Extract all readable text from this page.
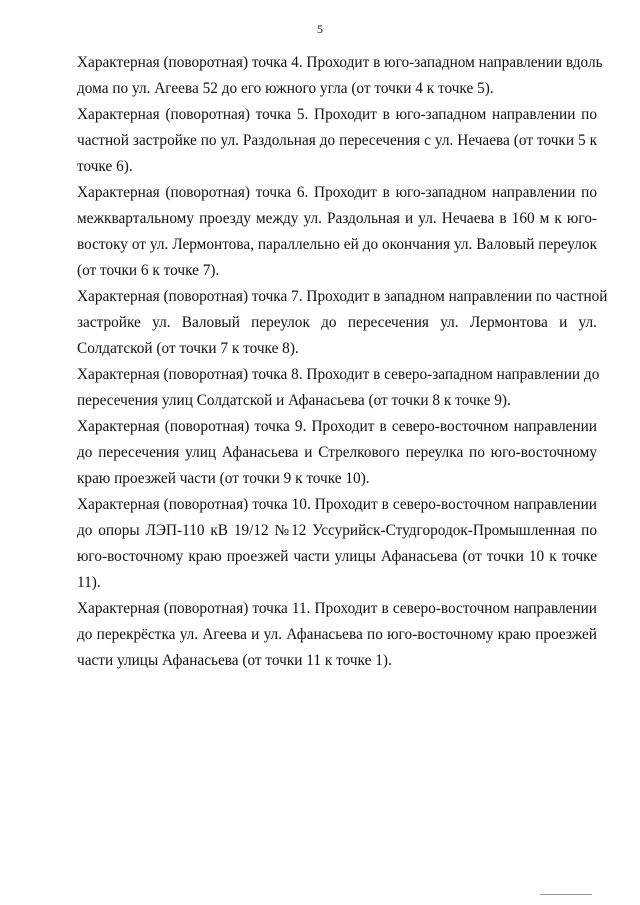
5

Характерная (поворотная) точка 4. Проходит в юго-западном направлении вдоль
дома по ул. Агеева 52 до его южного угла (от точки 4 к точке 5).

Характерная (поворотная) точка 5. Проходит в юго-западном направлении по
частной застройке по ул. Раздольная до пересечения с ул. Нечаева (от точки 5 к
точке 6).

Характерная (поворотная) точка 6. Проходит в юго-западном направлении по
межквартальному проезду между ул. Раздольная и ул. Нечаева в 160 м к юго-
востоку от ул. Лермонтова, параллельно ей до окончания ул. Валовый переулок
(от точки 6 к точке 7).

Характерная (поворотная) точка 7. Проходит в западном направлении по частной
застройке ул. Валовый переулок до пересечения ул. Лермонтова и ул.
Солдатской (от точки 7 к точке 8).

Характерная (поворотная) точка 8. Проходит в северо-западном направлении до
пересечения улиц Солдатской и Афанасьева (от точки 8 к точке 9).

Характерная (поворотная) точка 9. Проходит в северо-восточном направлении
до пересечения улиц Афанасьева и Стрелкового переулка по юго-восточному
краю проезжей части (от точки 9 к точке 10).

Характерная (поворотная) точка 10. Проходит в северо-восточном направлении
до опоры ЛЭП-110 кВ 19/12 №12 Уссурийск-Студгородок-Промышленная по
юго-восточному краю проезжей части улицы Афанасьева (от точки 10 к точке
11).

Характерная (поворотная) точка 11. Проходит в северо-восточном направлении
до перекрёстка ул. Агеева и ул. Афанасьева по юго-восточному краю проезжей
части улицы Афанасьева (от точки 11 к точке 1).
